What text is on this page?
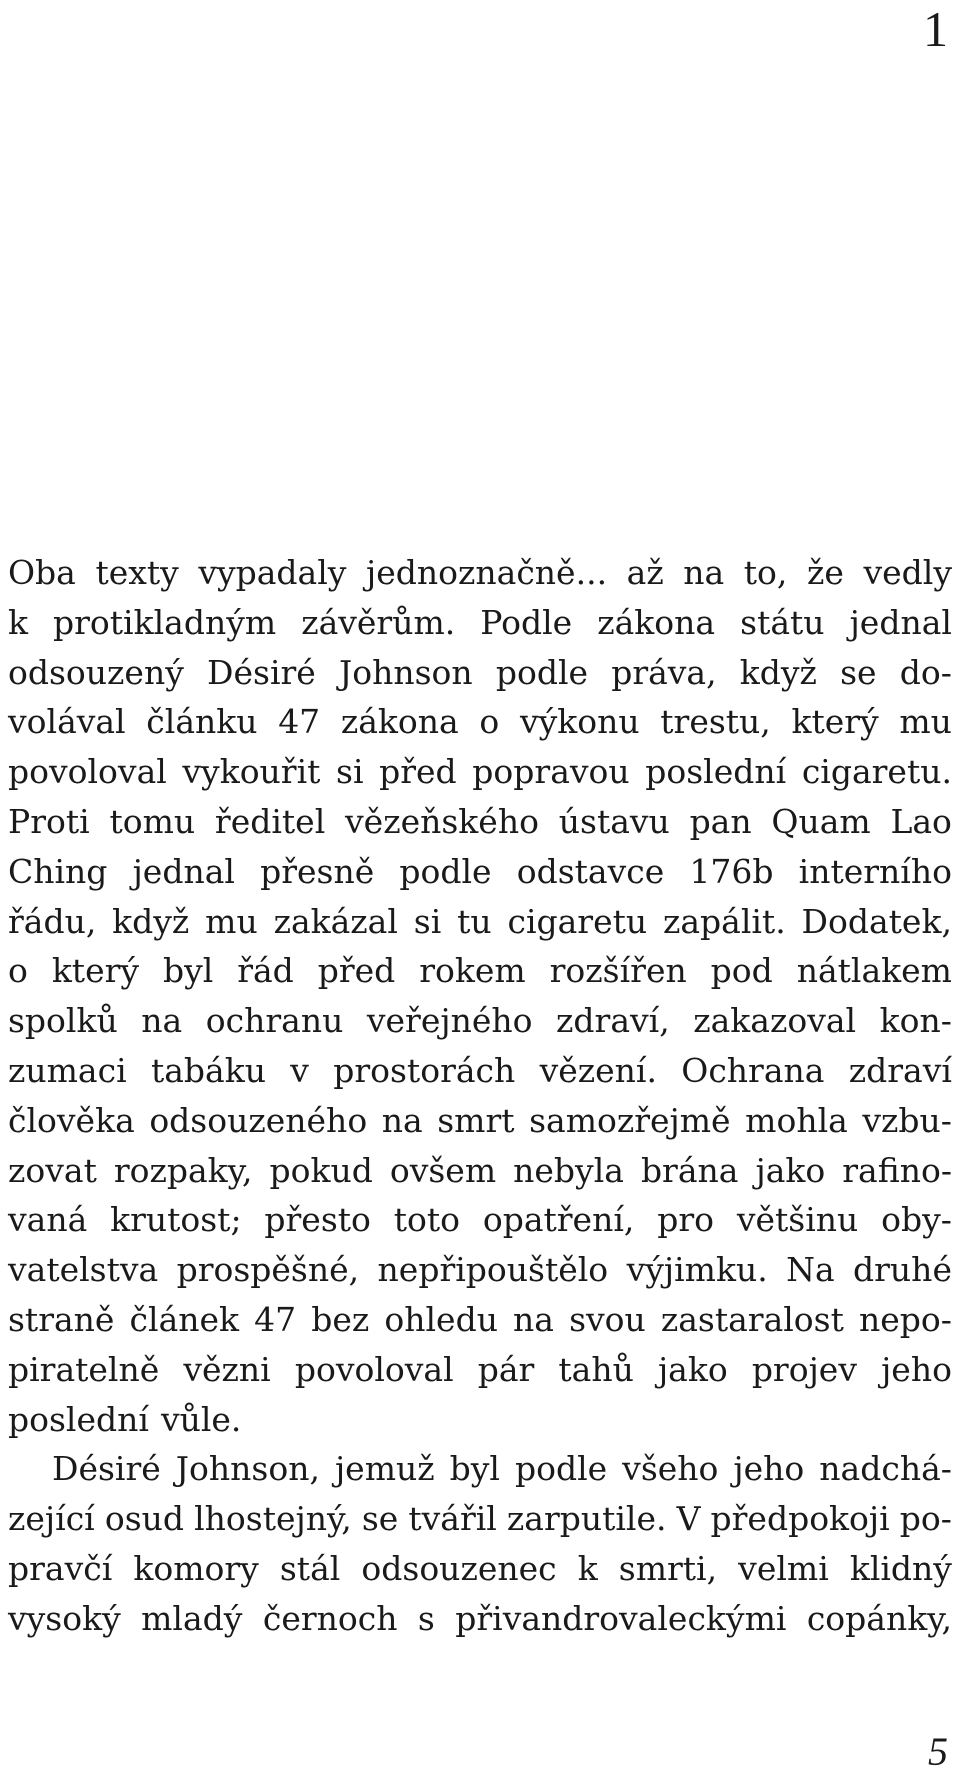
1
Oba texty vypadaly jednoznačně... až na to, že vedly
k protikladným závěrům. Podle zákona státu jednal
odsouzený Désiré Johnson podle práva, když se do-
volával článku 47 zákona o výkonu trestu, který mu
povoloval vykouřit si před popravou poslední cigaretu.
Proti tomu ředitel vězeňského ústavu pan Quam Lao
Ching jednal přesně podle odstavce 176b interního
řádu, když mu zakázal si tu cigaretu zapálit. Dodatek,
o který byl řád před rokem rozšířen pod nátlakem
spolků na ochranu veřejného zdraví, zakazoval kon-
zumaci tabáku v prostorách vězení. Ochrana zdraví
člověka odsouzeného na smrt samozřejmě mohla vzbu-
zovat rozpaky, pokud ovšem nebyla brána jako rafino-
vaná krutost; přesto toto opatření, pro většinu oby-
vatelstva prospěšné, nepřipouštělo výjimku. Na druhé
straně článek 47 bez ohledu na svou zastaralost nepo-
piratelně vězni povoloval pár tahů jako projev jeho
poslední vůle.
Désiré Johnson, jemuž byl podle všeho jeho nadchá-
zející osud lhostejný, se tvářil zarputile. V předpokoji po-
pravčí komory stál odsouzenec k smrti, velmi klidný
vysoký mladý černoch s přivandrovaleckými copánky,
5
